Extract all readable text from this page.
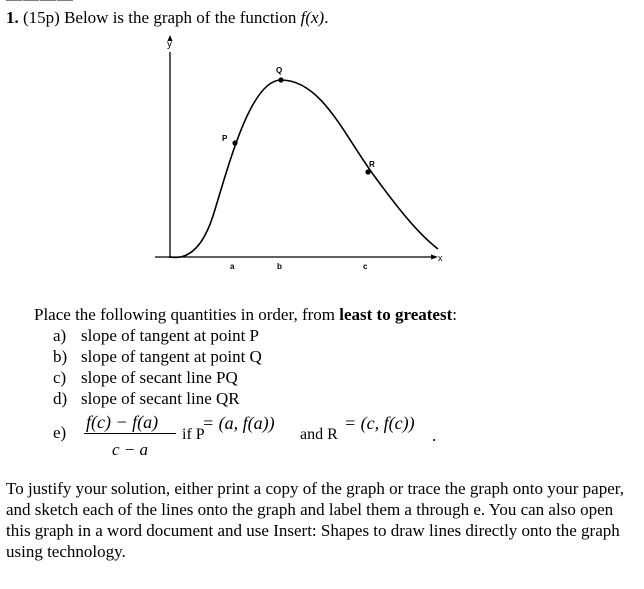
1. (15p) Below is the graph of the function f(x).
y
x
P
Q
R
a	b	c
Place the following quantities in order, from least to greatest:
a) slope of tangent at point P
b) slope of tangent at point Q
c) slope of secant line PQ
d) slope of secant line QR
e)
f(c) − f(a)
c − a
if P
= (a, f(a))
and R
= (c, f(c))
.
To justify your solution, either print a copy of the graph or trace the graph onto your paper, and sketch each of the lines onto the graph and label them a through e. You can also open this graph in a word document and use Insert: Shapes to draw lines directly onto the graph using technology.
